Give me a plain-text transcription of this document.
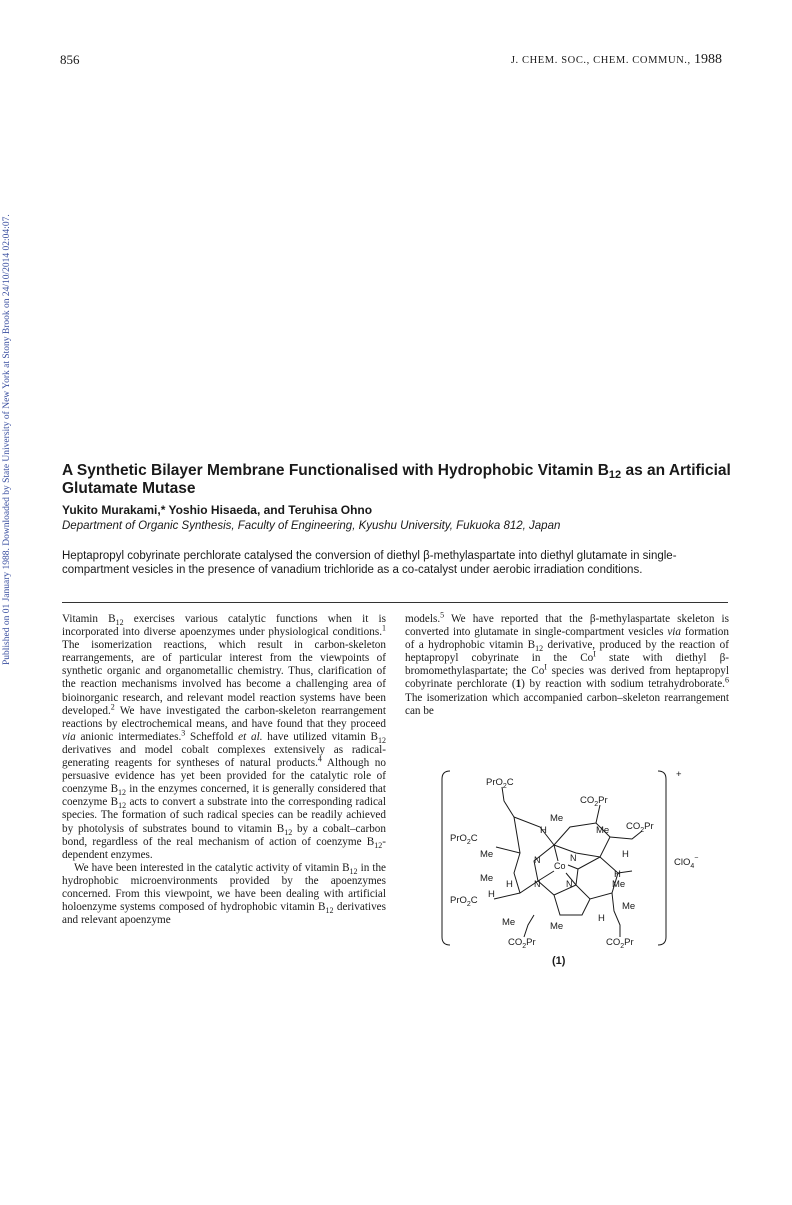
856	J. CHEM. SOC., CHEM. COMMUN., 1988
Published on 01 January 1988. Downloaded by State University of New York at Stony Brook on 24/10/2014 02:04:07.	A Synthetic Bilayer Membrane Functionalised with Hydrophobic Vitamin $B_{12}$ as an Artificial Glutamate Mutase
Yukito Murakami,* Yoshio Hisaeda, and Teruhisa Ohno
Department of Organic Synthesis, Faculty of Engineering, Kyushu University, Fukuoka 812, Japan
Heptapropyl cobyrinate perchlorate catalysed the conversion of diethyl β-methylaspartate into diethyl glutamate in single-compartment vesicles in the presence of vanadium trichloride as a co-catalyst under aerobic irradiation conditions.

Vitamin $B_{12}$ exercises various catalytic functions when it is incorporated into diverse apoenzymes under physiological conditions.$^1$ The isomerization reactions, which result in carbon-skeleton rearrangements, are of particular interest from the viewpoints of synthetic organic and organometallic chemistry. Thus, clarification of the reaction mechanisms involved has become a challenging area of bioinorganic research, and relevant model reaction systems have been developed.$^2$ We have investigated the carbon-skeleton rearrangement reactions by electrochemical means, and have found that they proceed via anionic intermediates.$^3$ Scheffold et al. have utilized vitamin $B_{12}$ derivatives and model cobalt complexes extensively as radical-generating reagents for syntheses of natural products.$^4$ Although no persuasive evidence has yet been provided for the catalytic role of coenzyme $B_{12}$ in the enzymes concerned, it is generally considered that coenzyme $B_{12}$ acts to convert a substrate into the corresponding radical species. The formation of such radical species can be readily achieved by photolysis of substrates bound to vitamin $B_{12}$ by a cobalt–carbon bond, regardless of the real mechanism of action of coenzyme $B_{12}$-dependent enzymes.

We have been interested in the catalytic activity of vitamin $B_{12}$ in the hydrophobic microenvironments provided by the apoenzymes concerned. From this viewpoint, we have been dealing with artificial holoenzyme systems composed of hydrophobic vitamin $B_{12}$ derivatives and relevant apoenzyme

models.$^5$ We have reported that the β-methylaspartate skeleton is converted into glutamate in single-compartment vesicles via formation of a hydrophobic vitamin $B_{12}$ derivative, produced by the reaction of heptapropyl cobyrinate in the $Co^I$ state with diethyl β-bromomethylaspartate; the $Co^I$ species was derived from heptapropyl cobyrinate perchlorate (1) by reaction with sodium tetrahydroborate.$^6$ The isomerization which accompanied carbon–skeleton rearrangement can be

+
ClO$_4$−
Co
N	N
N	N
PrO$_2$C
$CO_2Pr$
$CO_2Pr$
PrO$_2$C
PrO$_2$C
$CO_2Pr$	$CO_2Pr$
Me
Me
Me
Me
Me
Me
Me	Me
H
H
H
H
H
H
(1)
